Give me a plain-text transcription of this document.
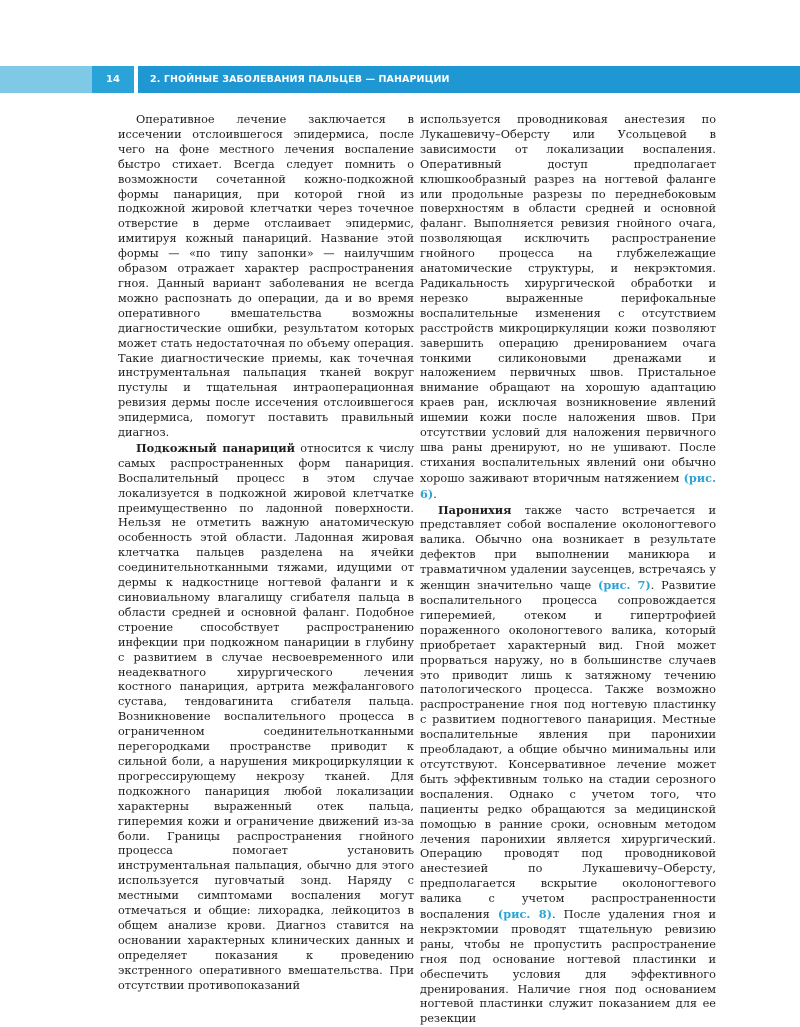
14	2. ГНОЙНЫЕ ЗАБОЛЕВАНИЯ ПАЛЬЦЕВ — ПАНАРИЦИИ

Оперативное лечение заключается в иссечении отслоившегося эпидермиса, после чего на фоне местного лечения воспаление быстро стихает. Всегда следует помнить о возможности сочетанной кожно-подкожной формы панариция, при которой гной из подкожной жировой клетчатки через точечное отверстие в дерме отслаивает эпидермис, имитируя кожный панариций. Название этой формы — «по типу запонки» — наилучшим образом отражает характер распространения гноя. Данный вариант заболевания не всегда можно распознать до операции, да и во время оперативного вмешательства возможны диагностические ошибки, результатом которых может стать недостаточная по объему операция. Такие диагностические приемы, как точечная инструментальная пальпация тканей вокруг пустулы и тщательная интраоперационная ревизия дермы после иссечения отслоившегося эпидермиса, помогут поставить правильный диагноз.

Подкожный панариций относится к числу самых распространенных форм панариция. Воспалительный процесс в этом случае локализуется в подкожной жировой клетчатке преимущественно по ладонной поверхности. Нельзя не отметить важную анатомическую особенность этой области. Ладонная жировая клетчатка пальцев разделена на ячейки соединительнотканными тяжами, идущими от дермы к надкостнице ногтевой фаланги и к синовиальному влагалищу сгибателя пальца в области средней и основной фаланг. Подобное строение способствует распространению инфекции при подкожном панариции в глубину с развитием в случае несвоевременного или неадекватного хирургического лечения костного панариция, артрита межфалангового сустава, тендовагинита сгибателя пальца. Возникновение воспалительного процесса в ограниченном соединительнотканными перегородками пространстве приводит к сильной боли, а нарушения микроциркуляции к прогрессирующему некрозу тканей. Для подкожного панариция любой локализации характерны выраженный отек пальца, гиперемия кожи и ограничение движений из-за боли. Границы распространения гнойного процесса помогает установить инструментальная пальпация, обычно для этого используется пуговчатый зонд. Наряду с местными симптомами воспаления могут отмечаться и общие: лихорадка, лейкоцитоз в общем анализе крови. Диагноз ставится на основании характерных клинических данных и определяет показания к проведению экстренного оперативного вмешательства. При отсутствии противопоказаний

используется проводниковая анестезия по Лукашевичу–Оберсту или Усольцевой в зависимости от локализации воспаления. Оперативный доступ предполагает клюшкообразный разрез на ногтевой фаланге или продольные разрезы по переднебоковым поверхностям в области средней и основной фаланг. Выполняется ревизия гнойного очага, позволяющая исключить распространение гнойного процесса на глубжележащие анатомические структуры, и некрэктомия. Радикальность хирургической обработки и нерезко выраженные перифокальные воспалительные изменения с отсутствием расстройств микроциркуляции кожи позволяют завершить операцию дренированием очага тонкими силиконовыми дренажами и наложением первичных швов. Пристальное внимание обращают на хорошую адаптацию краев ран, исключая возникновение явлений ишемии кожи после наложения швов. При отсутствии условий для наложения первичного шва раны дренируют, но не ушивают. После стихания воспалительных явлений они обычно хорошо заживают вторичным натяжением (рис. 6).

Паронихия также часто встречается и представляет собой воспаление околоногтевого валика. Обычно она возникает в результате дефектов при выполнении маникюра и травматичном удалении заусенцев, встречаясь у женщин значительно чаще (рис. 7). Развитие воспалительного процесса сопровождается гиперемией, отеком и гипертрофией пораженного околоногтевого валика, который приобретает характерный вид. Гной может прорваться наружу, но в большинстве случаев это приводит лишь к затяжному течению патологического процесса. Также возможно распространение гноя под ногтевую пластинку с развитием подногтевого панариция. Местные воспалительные явления при паронихии преобладают, а общие обычно минимальны или отсутствуют. Консервативное лечение может быть эффективным только на стадии серозного воспаления. Однако с учетом того, что пациенты редко обращаются за медицинской помощью в ранние сроки, основным методом лечения паронихии является хирургический. Операцию проводят под проводниковой анестезией по Лукашевичу–Оберсту, предполагается вскрытие околоногтевого валика с учетом распространенности воспаления (рис. 8). После удаления гноя и некрэктомии проводят тщательную ревизию раны, чтобы не пропустить распространение гноя под основание ногтевой пластинки и обеспечить условия для эффективного дренирования. Наличие гноя под основанием ногтевой пластинки служит показанием для ее резекции
